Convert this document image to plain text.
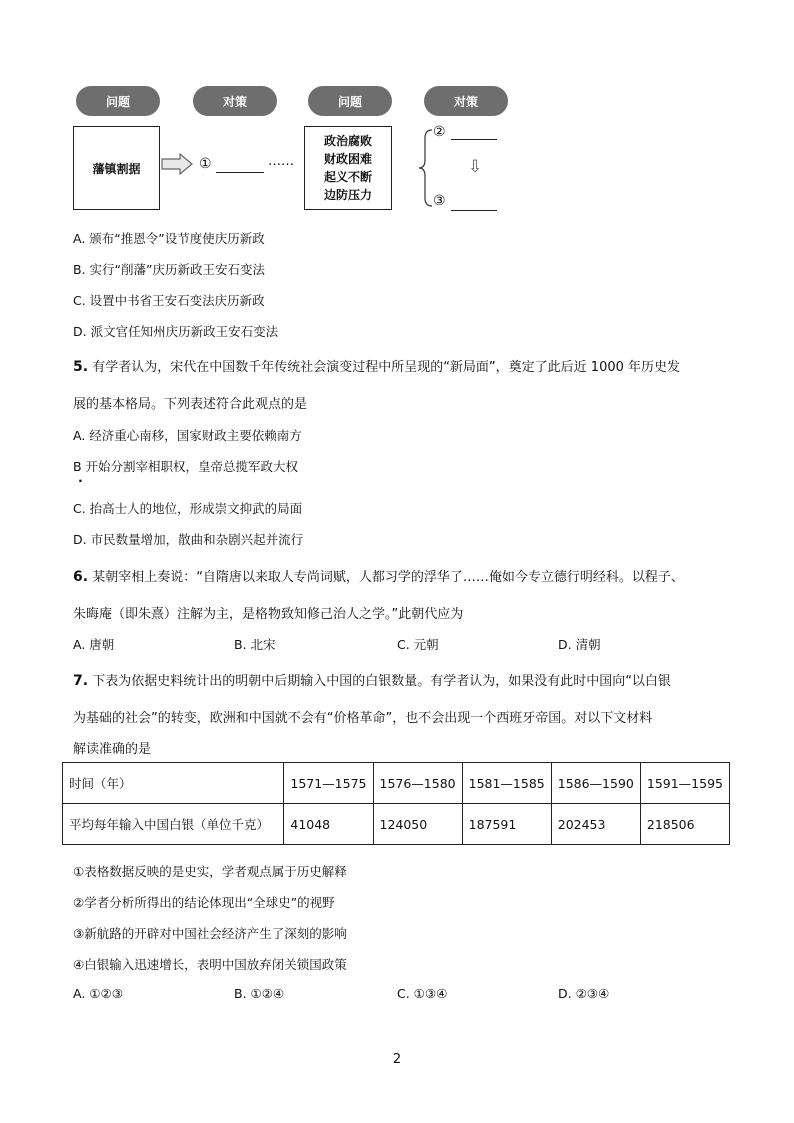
问题	对策	问题	对策
藩镇割据	①	……
政治腐败
财政困难
起义不断
边防压力
②
⇩
③
A. 颁布“推恩令”设节度使庆历新政
B. 实行“削藩”庆历新政王安石变法
C. 设置中书省王安石变法庆历新政
D. 派文官任知州庆历新政王安石变法
5. 有学者认为，宋代在中国数千年传统社会演变过程中所呈现的“新局面”，奠定了此后近 1000 年历史发
展的基本格局。下列表述符合此观点的是
A. 经济重心南移，国家财政主要依赖南方
B 开始分割宰相职权，皇帝总揽军政大权
.
C. 抬高士人的地位，形成崇文抑武的局面
D. 市民数量增加，散曲和杂剧兴起并流行
6. 某朝宰相上奏说：“自隋唐以来取人专尚词赋，人都习学的浮华了……俺如今专立德行明经科。以程子、
朱晦庵（即朱熹）注解为主，是格物致知修己治人之学。”此朝代应为
A. 唐朝	B. 北宋	C. 元朝	D. 清朝
7. 下表为依据史料统计出的明朝中后期输入中国的白银数量。有学者认为，如果没有此时中国向“以白银
为基础的社会”的转变，欧洲和中国就不会有“价格革命”，也不会出现一个西班牙帝国。对以下文材料
解读准确的是
时间（年）	1571—1575	1576—1580	1581—1585	1586—1590	1591—1595
平均每年输入中国白银（单位千克）	41048	124050	187591	202453	218506
①表格数据反映的是史实，学者观点属于历史解释
②学者分析所得出的结论体现出“全球史”的视野
③新航路的开辟对中国社会经济产生了深刻的影响
④白银输入迅速增长，表明中国放弃闭关锁国政策
A. ①②③	B. ①②④	C. ①③④	D. ②③④
2
